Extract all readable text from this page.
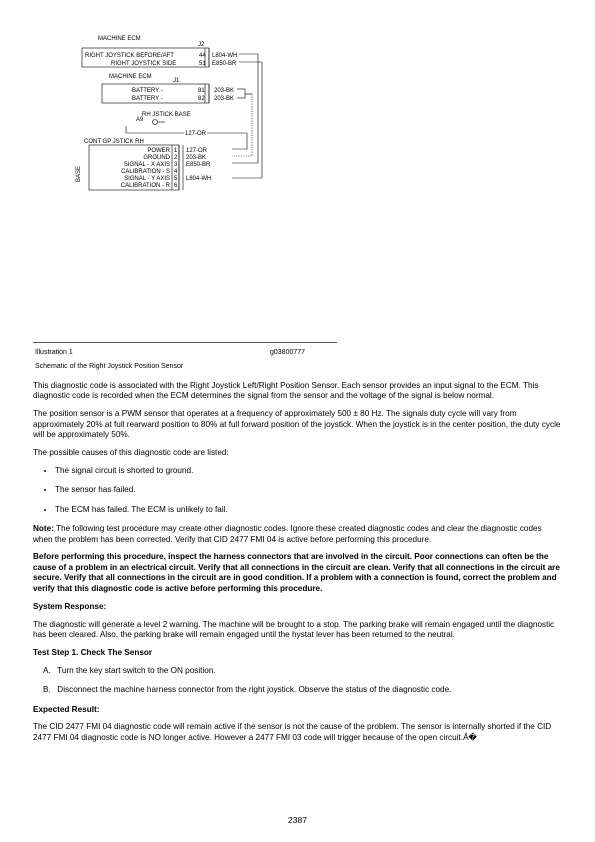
MACHINE ECM
J2
RIGHT JOYSTICK BEFORE/AFT
RIGHT JOYSTICK SIDE
44
51
L804-WH
E850-BR
MACHINE ECM
J1
BATTERY -
BATTERY -
81
82
203-BK
203-BK
RH JSTICK BASE
A9
127-OR
CONT GP JSTICK RH
BASE
POWER 1 127-OR
GROUND 2 203-BK
SIGNAL - X AXIS 3 E850-BR
CALIBRATION - S 4
SIGNAL - Y AXIS 5 L804-WH
CALIBRATION - R 6
Illustration 1	g03800777
Schematic of the Right Joystick Position Sensor

This diagnostic code is associated with the Right Joystick Left/Right Position Sensor. Each sensor provides an input signal to the ECM. This diagnostic code is recorded when the ECM determines the signal from the sensor and the voltage of the signal is below normal.

The position sensor is a PWM sensor that operates at a frequency of approximately 500 ± 80 Hz. The signals duty cycle will vary from approximately 20% at full rearward position to 80% at full forward position of the joystick. When the joystick is in the center position, the duty cycle will be approximately 50%.

The possible causes of this diagnostic code are listed:

• The signal circuit is shorted to ground.
• The sensor has failed.
• The ECM has failed. The ECM is unlikely to fail.

Note: The following test procedure may create other diagnostic codes. Ignore these created diagnostic codes and clear the diagnostic codes when the problem has been corrected. Verify that CID 2477 FMI 04 is active before performing this procedure.

Before performing this procedure, inspect the harness connectors that are involved in the circuit. Poor connections can often be the cause of a problem in an electrical circuit. Verify that all connections in the circuit are clean. Verify that all connections in the circuit are secure. Verify that all connections in the circuit are in good condition. If a problem with a connection is found, correct the problem and verify that this diagnostic code is active before performing this procedure.

System Response:

The diagnostic will generate a level 2 warning. The machine will be brought to a stop. The parking brake will remain engaged until the diagnostic has been cleared. Also, the parking brake will remain engaged until the hystat lever has been returned to the neutral.

Test Step 1. Check The Sensor

A. Turn the key start switch to the ON position.
B. Disconnect the machine harness connector from the right joystick. Observe the status of the diagnostic code.

Expected Result:

The CID 2477 FMI 04 diagnostic code will remain active if the sensor is not the cause of the problem. The sensor is internally shorted if the CID 2477 FMI 04 diagnostic code is NO longer active. However a 2477 FMI 03 code will trigger because of the open circuit.Â�

2387
